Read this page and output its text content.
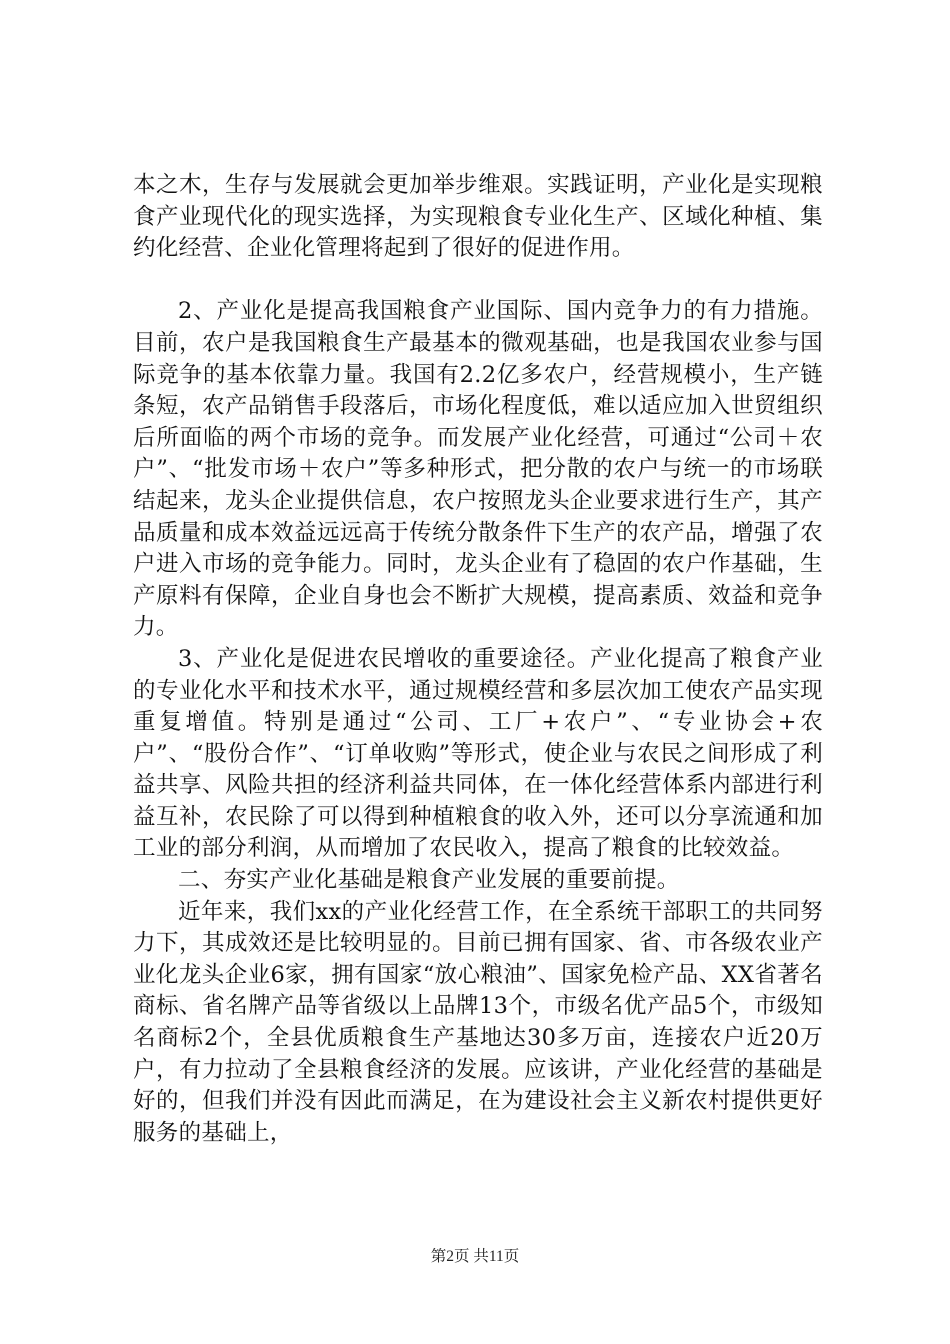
本之木，生存与发展就会更加举步维艰。实践证明，产业化是实现粮食产业现代化的现实选择，为实现粮食专业化生产、区域化种植、集约化经营、企业化管理将起到了很好的促进作用。

2、产业化是提高我国粮食产业国际、国内竞争力的有力措施。目前，农户是我国粮食生产最基本的微观基础，也是我国农业参与国际竞争的基本依靠力量。我国有2.2亿多农户，经营规模小，生产链条短，农产品销售手段落后，市场化程度低，难以适应加入世贸组织后所面临的两个市场的竞争。而发展产业化经营，可通过“公司＋农户”、“批发市场＋农户”等多种形式，把分散的农户与统一的市场联结起来，龙头企业提供信息，农户按照龙头企业要求进行生产，其产品质量和成本效益远远高于传统分散条件下生产的农产品，增强了农户进入市场的竞争能力。同时，龙头企业有了稳固的农户作基础，生产原料有保障，企业自身也会不断扩大规模，提高素质、效益和竞争力。

3、产业化是促进农民增收的重要途径。产业化提高了粮食产业的专业化水平和技术水平，通过规模经营和多层次加工使农产品实现重复增值。特别是通过“公司、工厂+农户”、“专业协会+农户”、“股份合作”、“订单收购”等形式，使企业与农民之间形成了利益共享、风险共担的经济利益共同体，在一体化经营体系内部进行利益互补，农民除了可以得到种植粮食的收入外，还可以分享流通和加工业的部分利润，从而增加了农民收入，提高了粮食的比较效益。

二、夯实产业化基础是粮食产业发展的重要前提。

近年来，我们xx的产业化经营工作，在全系统干部职工的共同努力下，其成效还是比较明显的。目前已拥有国家、省、市各级农业产业化龙头企业6家，拥有国家“放心粮油”、国家免检产品、XX省著名商标、省名牌产品等省级以上品牌13个，市级名优产品5个，市级知名商标2个，全县优质粮食生产基地达30多万亩，连接农户近20万户，有力拉动了全县粮食经济的发展。应该讲，产业化经营的基础是好的，但我们并没有因此而满足，在为建设社会主义新农村提供更好服务的基础上，

第2页 共11页
